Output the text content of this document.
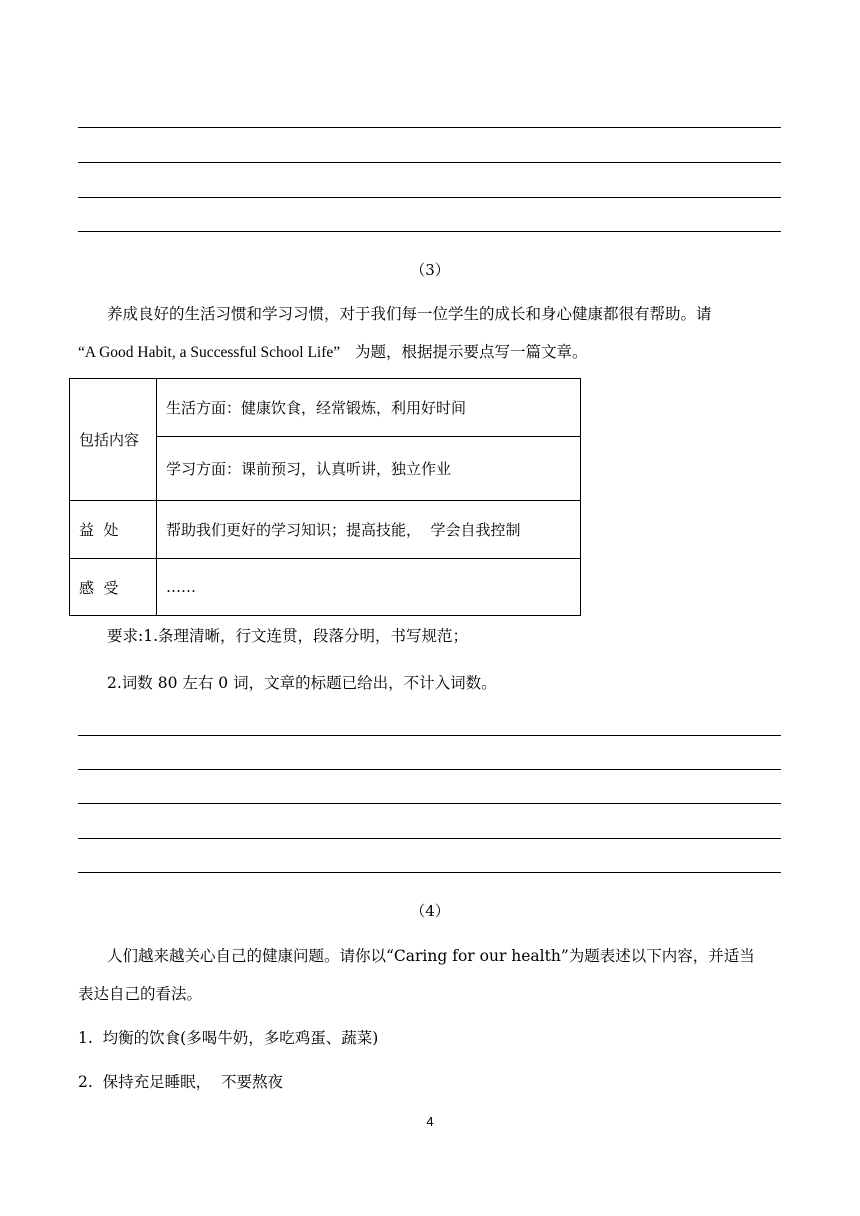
（3）
养成良好的生活习惯和学习习惯，对于我们每一位学生的成长和身心健康都很有帮助。请
“A Good Habit, a Successful School Life” 为题，根据提示要点写一篇文章。
包括内容	生活方面：健康饮食，经常锻炼，利用好时间
	学习方面：课前预习，认真听讲，独立作业
益  处	帮助我们更好的学习知识；提高技能，  学会自我控制
感  受	……
要求:1.条理清晰，行文连贯，段落分明，书写规范；
2.词数 80 左右 0 词，文章的标题已给出，不计入词数。
（4）
人们越来越关心自己的健康问题。请你以“Caring for our health”为题表述以下内容，并适当
表达自己的看法。
1.  均衡的饮食(多喝牛奶，多吃鸡蛋、蔬菜)
2.  保持充足睡眠，  不要熬夜
4
